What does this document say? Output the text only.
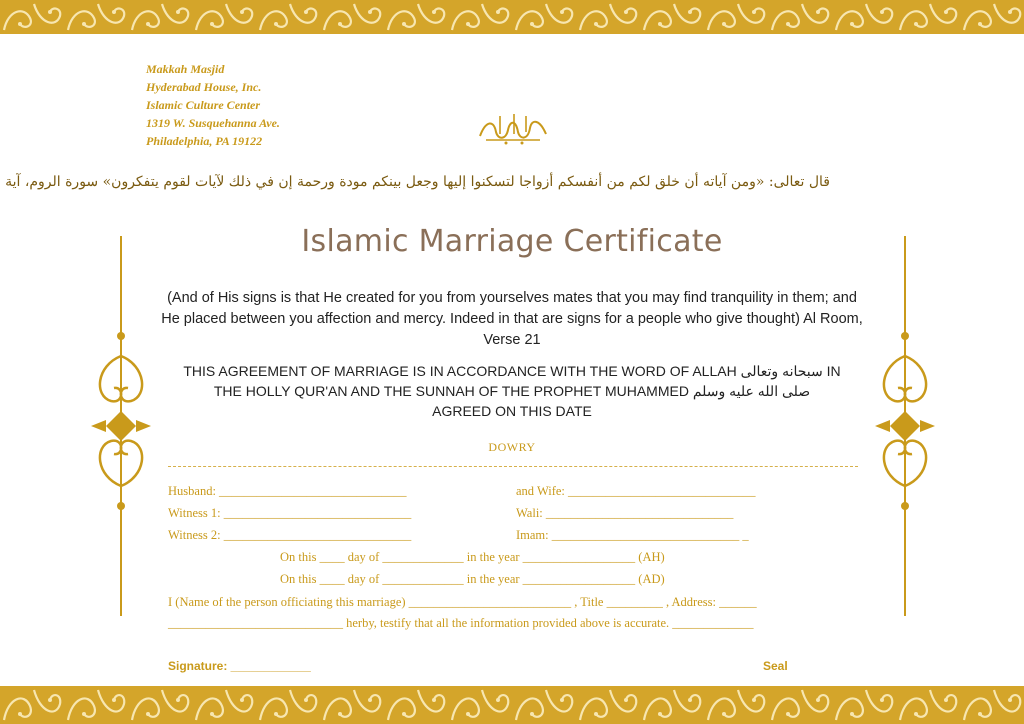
Makkah Masjid
Hyderabad House, Inc.
Islamic Culture Center
1319 W. Susquehanna Ave.
Philadelphia, PA 19122
قال تعالى: «ومن آياته أن خلق لكم من أنفسكم أزواجا لتسكنوا إليها وجعل بينكم مودة ورحمة إن في ذلك لآيات لقوم يتفكرون» سورة الروم، آية
Islamic Marriage Certificate
(And of His signs is that He created for you from yourselves mates that you may find tranquility in them; and He placed between you affection and mercy. Indeed in that are signs for a people who give thought) Al Room, Verse 21
THIS AGREEMENT OF MARRIAGE IS IN ACCORDANCE WITH THE WORD OF ALLAH سبحانه وتعالى IN
THE HOLLY QUR'AN AND THE SUNNAH OF THE PROPHET MUHAMMED صلى الله عليه وسلم
AGREED ON THIS DATE
DOWRY
Husband: ______________________________	and Wife: ______________________________
Witness 1: ______________________________	Wali: ______________________________
Witness 2: ______________________________	Imam: ______________________________ _
On this ____ day of _____________ in the year __________________ (AH)
On this ____ day of _____________ in the year __________________ (AD)
I (Name of the person officiating this marriage) __________________________ , Title _________ , Address: ______
____________________________ herby, testify that all the information provided above is accurate. _____________
Signature: ____________	Seal
